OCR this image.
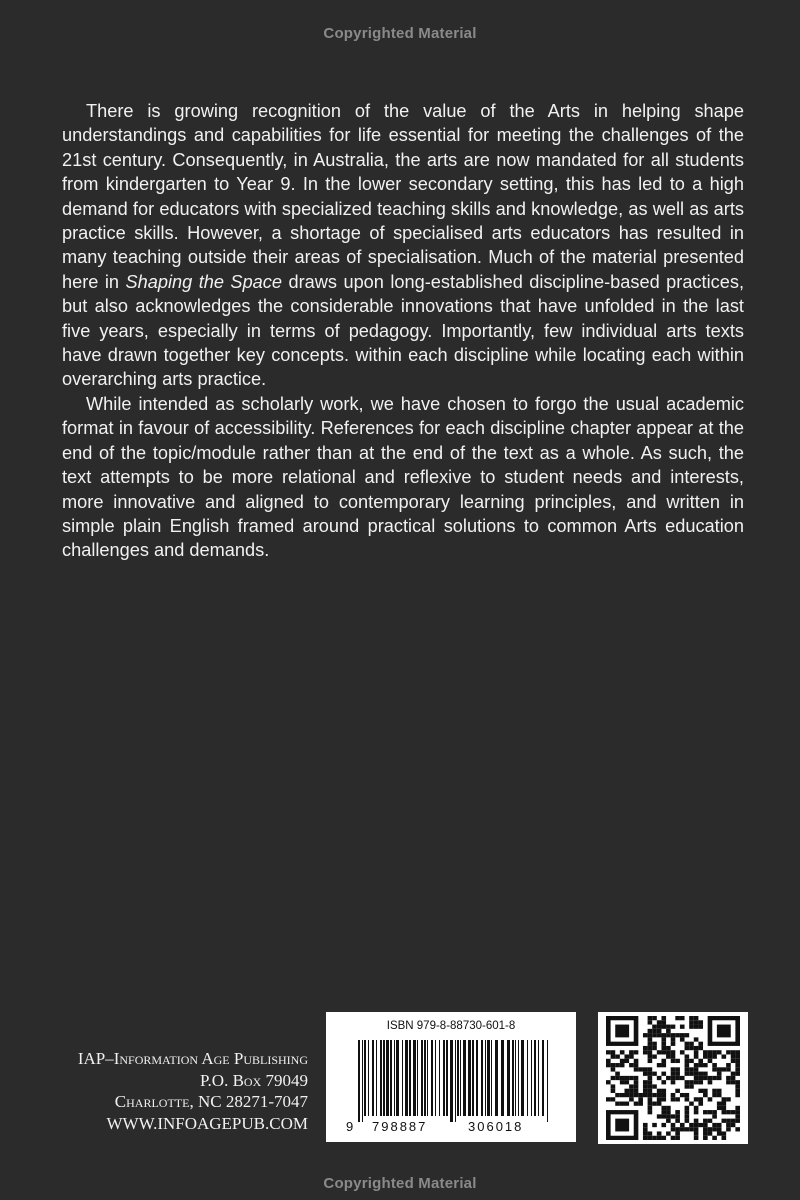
Copyrighted Material

There is growing recognition of the value of the Arts in helping shape understandings and capabilities for life essential for meeting the challenges of the 21st century. Consequently, in Australia, the arts are now mandated for all students from kindergarten to Year 9. In the lower secondary setting, this has led to a high demand for educators with specialized teaching skills and knowledge, as well as arts practice skills. However, a shortage of specialised arts educators has resulted in many teaching outside their areas of specialisation. Much of the material presented here in Shaping the Space draws upon long-established discipline-based practices, but also acknowledges the considerable innovations that have unfolded in the last five years, especially in terms of pedagogy. Importantly, few individual arts texts have drawn together key concepts. within each discipline while locating each within overarching arts practice.

While intended as scholarly work, we have chosen to forgo the usual academic format in favour of accessibility. References for each discipline chapter appear at the end of the topic/module rather than at the end of the text as a whole. As such, the text attempts to be more relational and reflexive to student needs and interests, more innovative and aligned to contemporary learning principles, and written in simple plain English framed around practical solutions to common Arts education challenges and demands.

IAP–Information Age Publishing
P.O. Box 79049
Charlotte, NC 28271-7047
WWW.INFOAGEPUB.COM
ISBN 979-8-88730-601-8
9 798887	306018
Copyrighted Material
